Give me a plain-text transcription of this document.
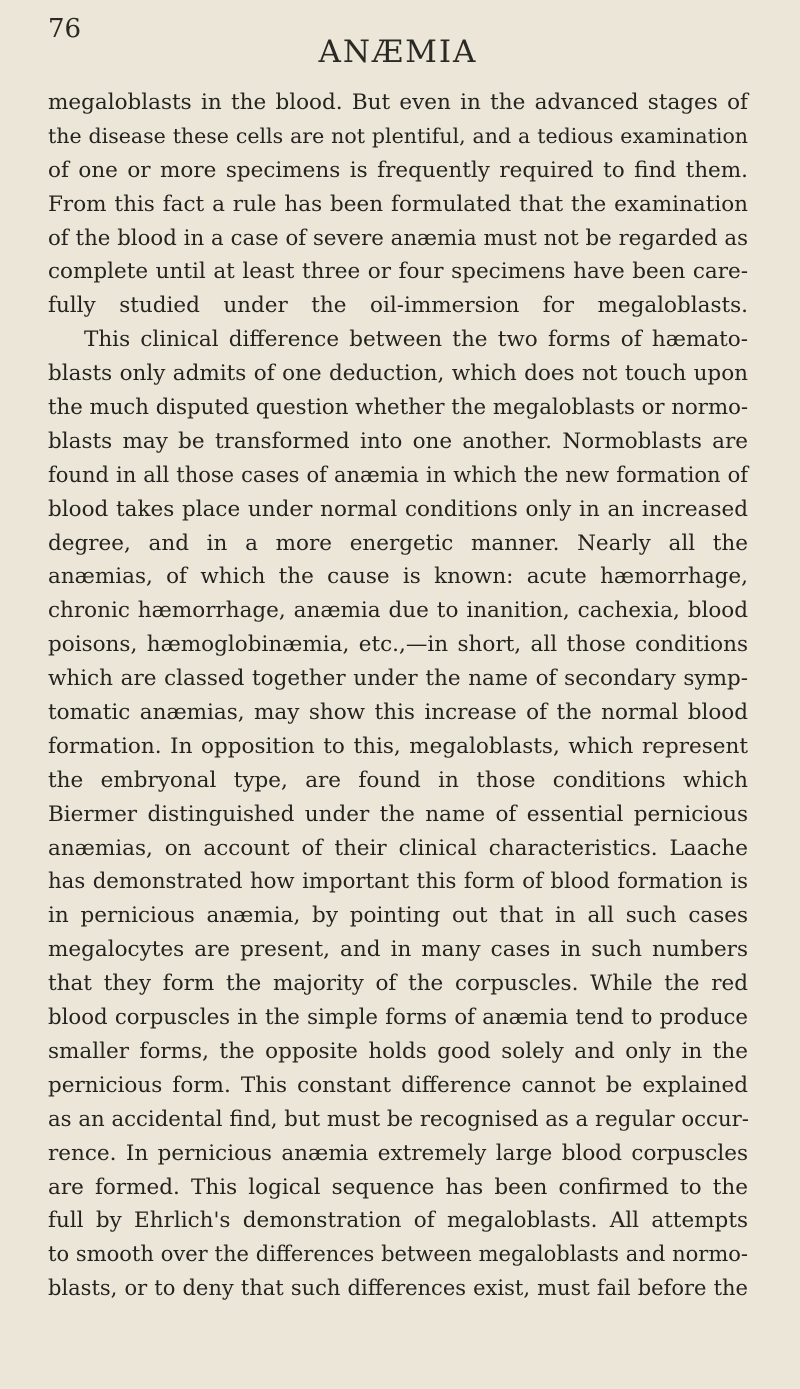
76
ANÆMIA
megaloblasts in the blood. But even in the advanced stages of
the disease these cells are not plentiful, and a tedious examination
of one or more specimens is frequently required to find them.
From this fact a rule has been formulated that the examination
of the blood in a case of severe anæmia must not be regarded as
complete until at least three or four specimens have been care-
fully studied under the oil-immersion for megaloblasts.
This clinical difference between the two forms of hæmato-
blasts only admits of one deduction, which does not touch upon
the much disputed question whether the megaloblasts or normo-
blasts may be transformed into one another. Normoblasts are
found in all those cases of anæmia in which the new formation of
blood takes place under normal conditions only in an increased
degree, and in a more energetic manner. Nearly all the
anæmias, of which the cause is known: acute hæmorrhage,
chronic hæmorrhage, anæmia due to inanition, cachexia, blood
poisons, hæmoglobinæmia, etc.,—in short, all those conditions
which are classed together under the name of secondary symp-
tomatic anæmias, may show this increase of the normal blood
formation. In opposition to this, megaloblasts, which represent
the embryonal type, are found in those conditions which
Biermer distinguished under the name of essential pernicious
anæmias, on account of their clinical characteristics. Laache
has demonstrated how important this form of blood formation is
in pernicious anæmia, by pointing out that in all such cases
megalocytes are present, and in many cases in such numbers
that they form the majority of the corpuscles. While the red
blood corpuscles in the simple forms of anæmia tend to produce
smaller forms, the opposite holds good solely and only in the
pernicious form. This constant difference cannot be explained
as an accidental find, but must be recognised as a regular occur-
rence. In pernicious anæmia extremely large blood corpuscles
are formed. This logical sequence has been confirmed to the
full by Ehrlich's demonstration of megaloblasts. All attempts
to smooth over the differences between megaloblasts and normo-
blasts, or to deny that such differences exist, must fail before the
